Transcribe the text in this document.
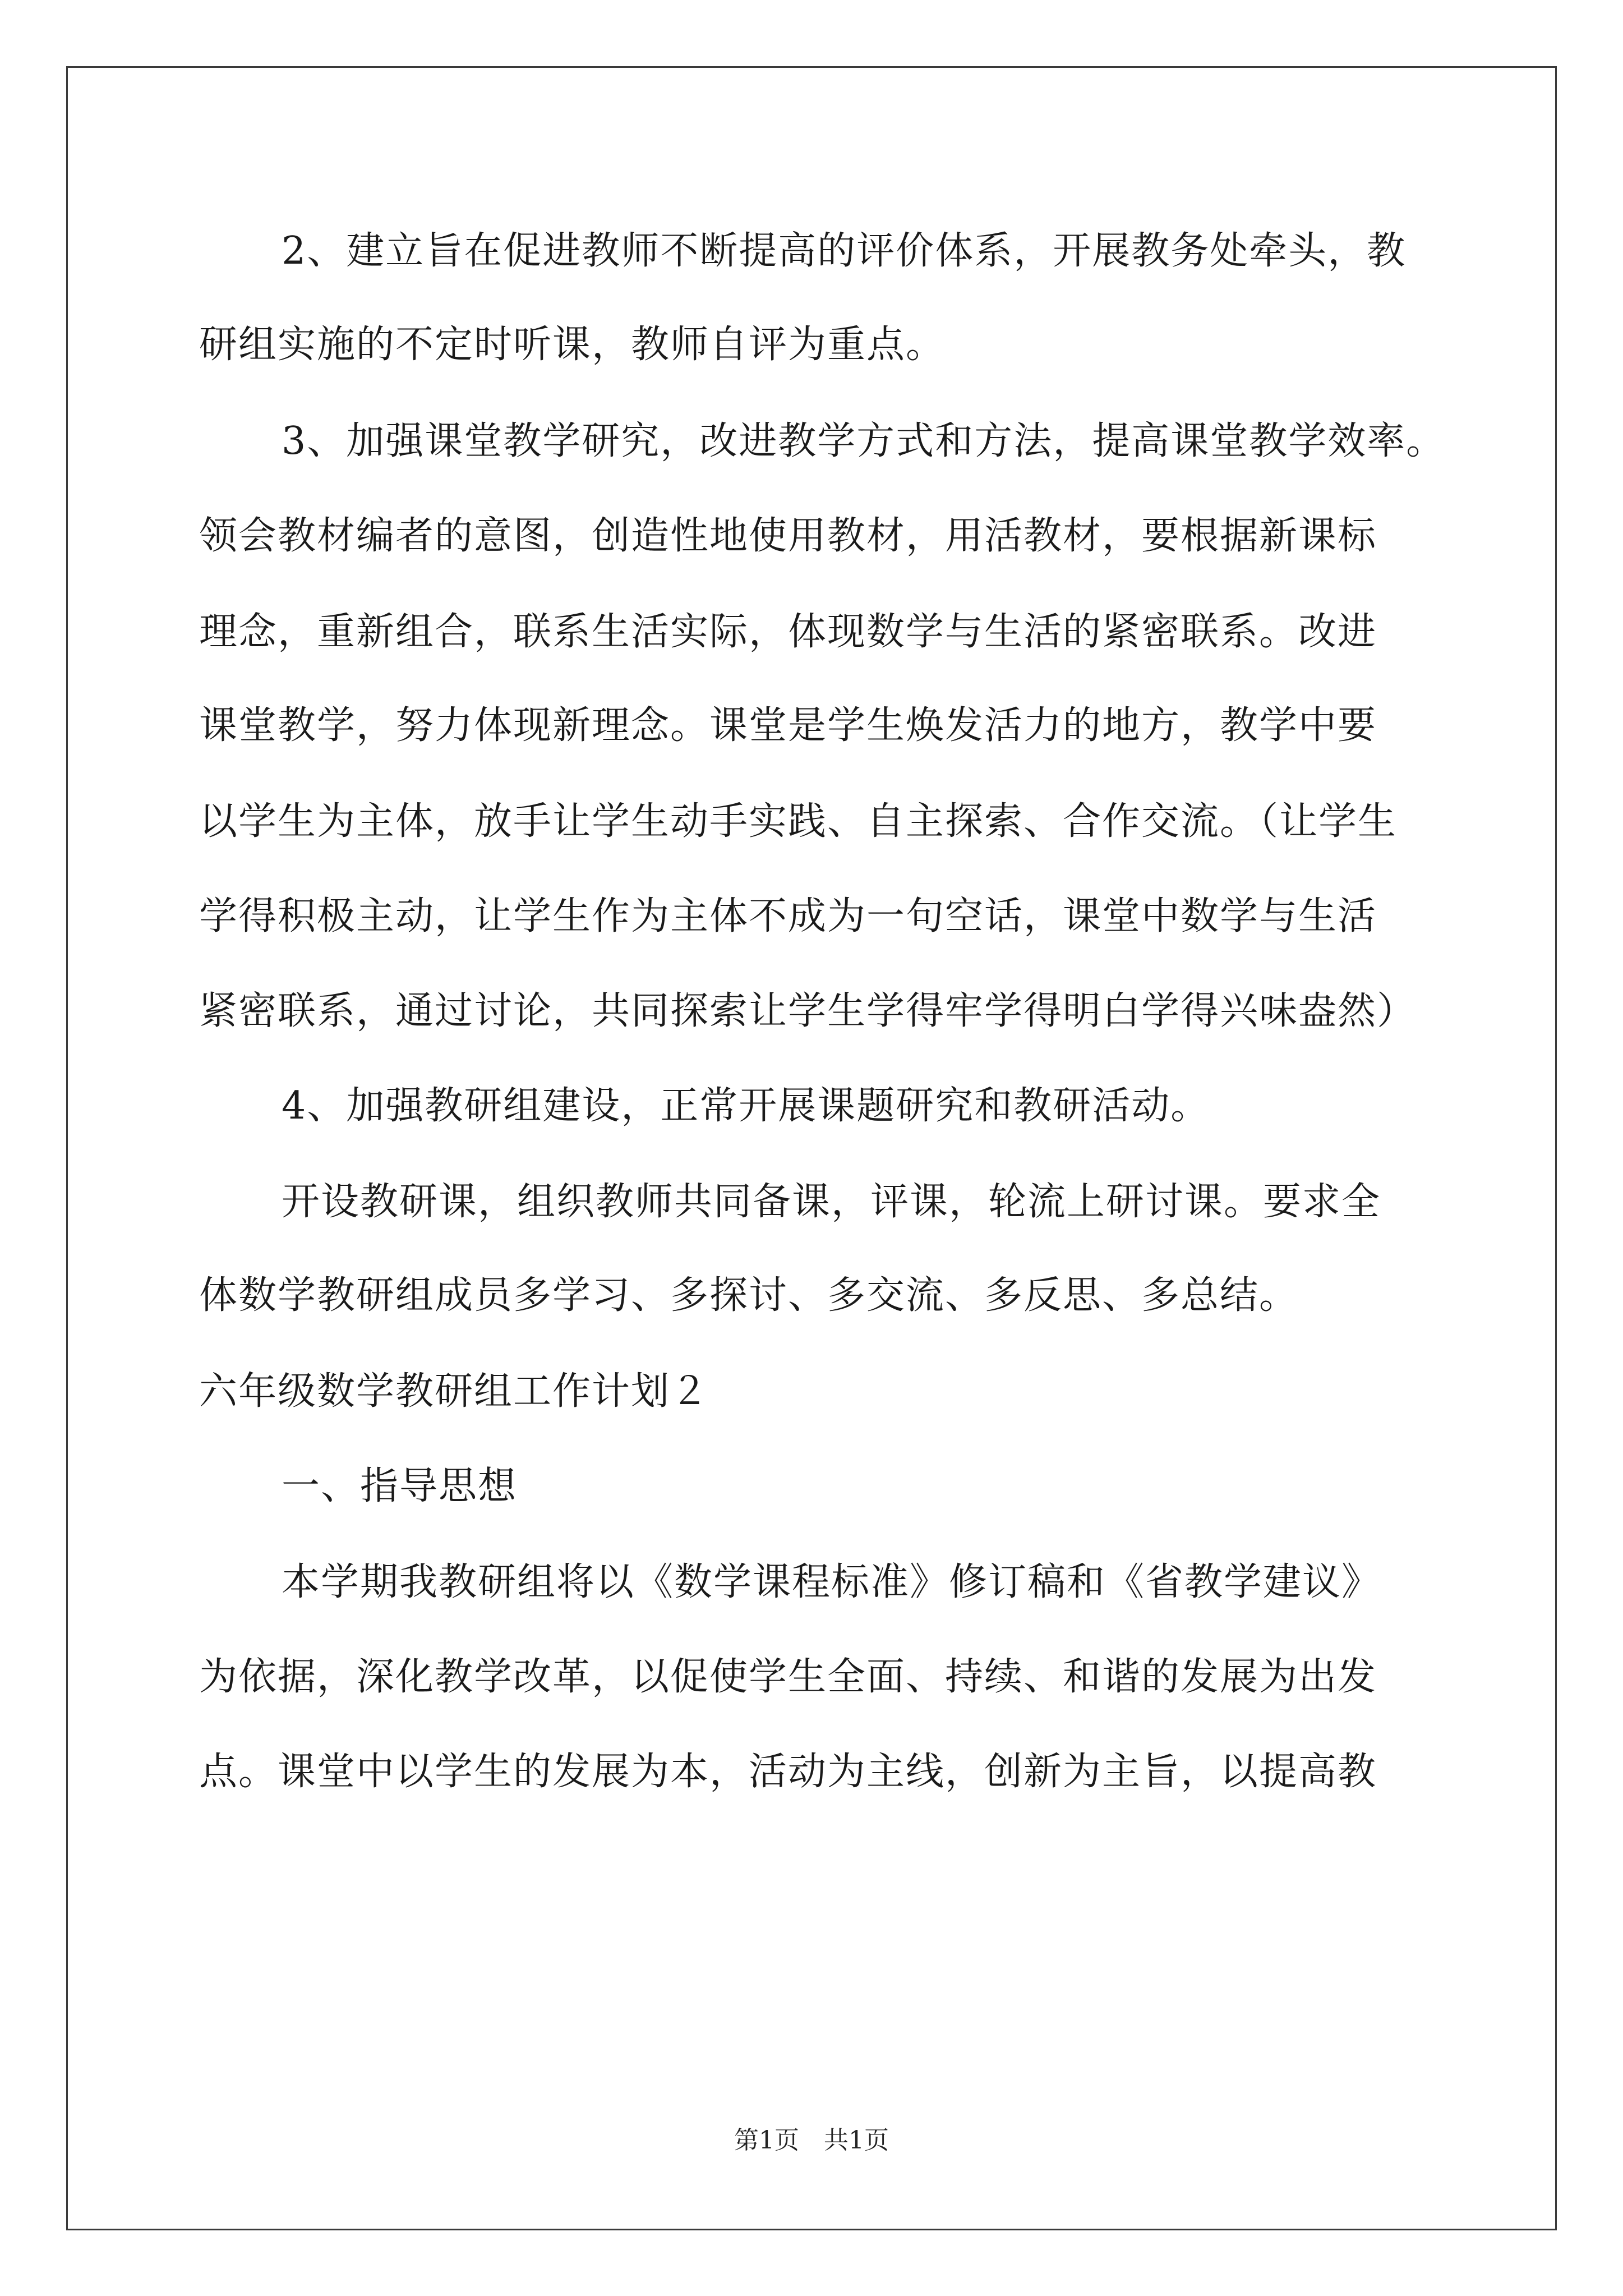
2、建立旨在促进教师不断提高的评价体系，开展教务处牵头，教

研组实施的不定时听课，教师自评为重点。

3、加强课堂教学研究，改进教学方式和方法，提高课堂教学效率。

领会教材编者的意图，创造性地使用教材，用活教材，要根据新课标

理念，重新组合，联系生活实际，体现数学与生活的紧密联系。改进

课堂教学，努力体现新理念。课堂是学生焕发活力的地方，教学中要

以学生为主体，放手让学生动手实践、自主探索、合作交流。（让学生

学得积极主动，让学生作为主体不成为一句空话，课堂中数学与生活

紧密联系，通过讨论，共同探索让学生学得牢学得明白学得兴味盎然）

4、加强教研组建设，正常开展课题研究和教研活动。

开设教研课，组织教师共同备课，评课，轮流上研讨课。要求全

体数学教研组成员多学习、多探讨、多交流、多反思、多总结。

六年级数学教研组工作计划２

一、指导思想

本学期我教研组将以《数学课程标准》修订稿和《省教学建议》

为依据，深化教学改革，以促使学生全面、持续、和谐的发展为出发

点。课堂中以学生的发展为本，活动为主线，创新为主旨，以提高教

第1页　共1页
